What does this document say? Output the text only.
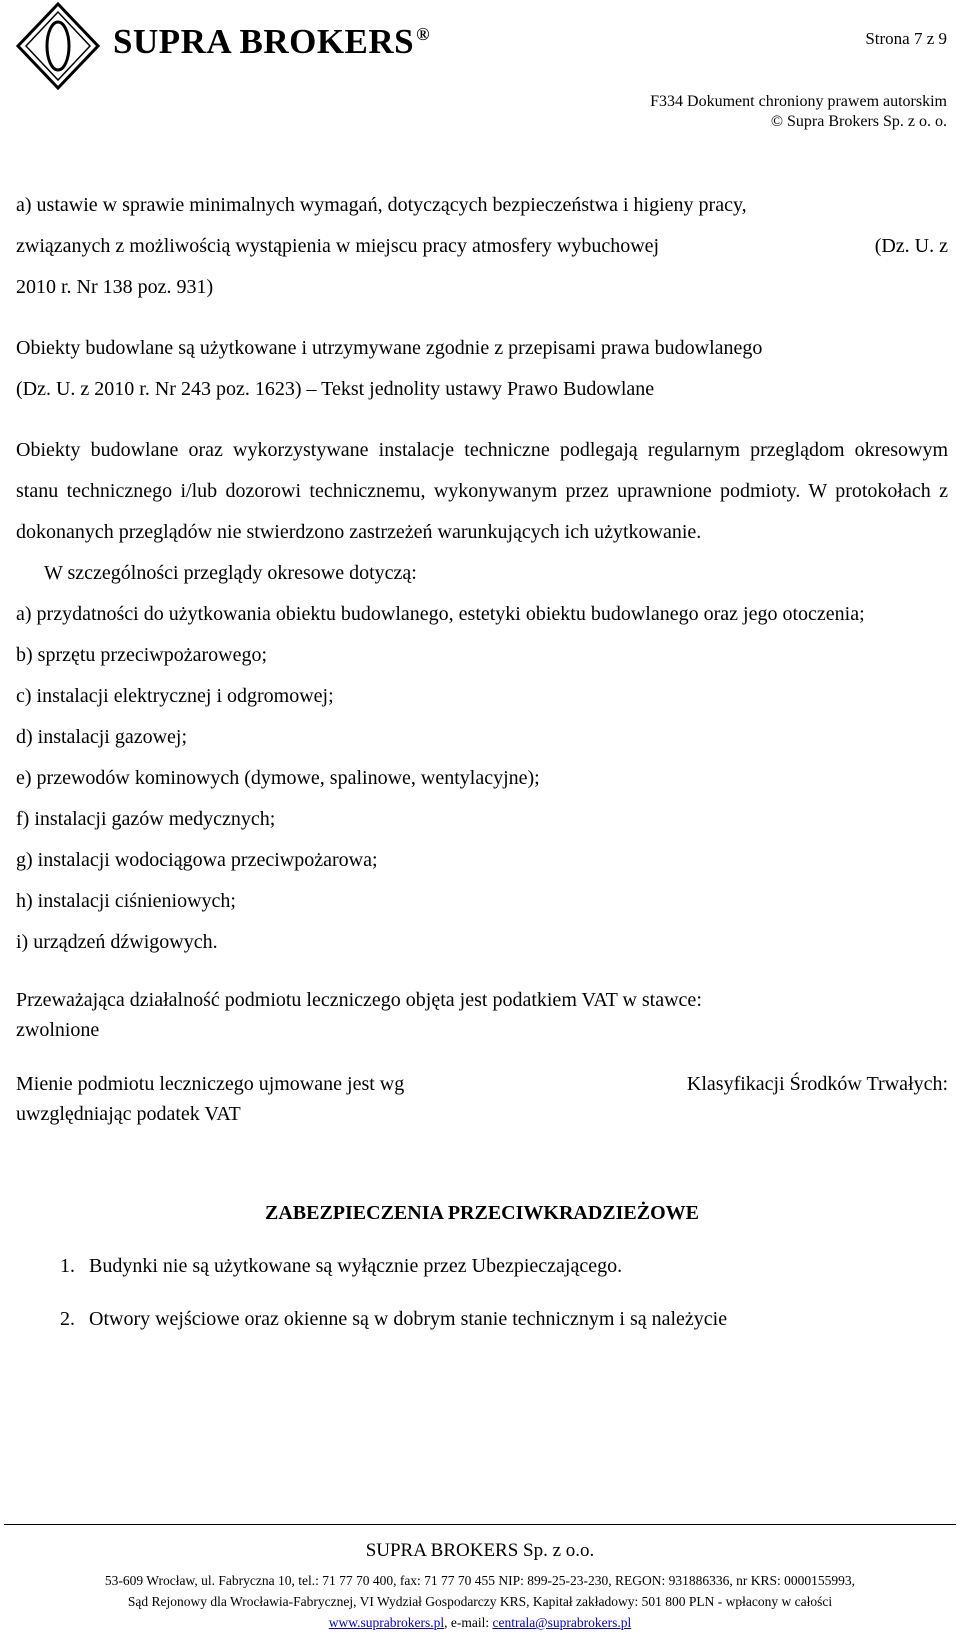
SUPRA BROKERS ®	Strona 7 z 9
F334 Dokument chroniony prawem autorskim
© Supra Brokers Sp. z o. o.

a) ustawie w sprawie minimalnych wymagań, dotyczących bezpieczeństwa i higieny pracy,

związanych z możliwością wystąpienia w miejscu pracy atmosfery wybuchowej	(Dz. U. z

2010 r. Nr 138 poz. 931)

Obiekty budowlane są użytkowane i utrzymywane zgodnie z przepisami prawa budowlanego

(Dz. U. z 2010 r. Nr 243 poz. 1623) – Tekst jednolity ustawy Prawo Budowlane

Obiekty budowlane oraz wykorzystywane instalacje techniczne podlegają regularnym przeglądom okresowym stanu technicznego i/lub dozorowi technicznemu, wykonywanym przez uprawnione podmioty. W protokołach z dokonanych przeglądów nie stwierdzono zastrzeżeń warunkujących ich użytkowanie.

W szczególności przeglądy okresowe dotyczą:

a) przydatności do użytkowania obiektu budowlanego, estetyki obiektu budowlanego oraz jego otoczenia;

b) sprzętu przeciwpożarowego;

c) instalacji elektrycznej i odgromowej;

d) instalacji gazowej;

e) przewodów kominowych (dymowe, spalinowe, wentylacyjne);

f) instalacji gazów medycznych;

g) instalacji wodociągowa przeciwpożarowa;

h) instalacji ciśnieniowych;

i) urządzeń dźwigowych.

Przeważająca działalność podmiotu leczniczego objęta jest podatkiem VAT w stawce:

zwolnione

Mienie podmiotu leczniczego ujmowane jest wg	Klasyfikacji Środków Trwałych:

uwzględniając podatek VAT

ZABEZPIECZENIA PRZECIWKRADZIEŻOWE

1. Budynki nie są użytkowane są wyłącznie przez Ubezpieczającego.

2. Otwory wejściowe oraz okienne są w dobrym stanie technicznym i są należycie

SUPRA BROKERS Sp. z o.o.
53-609 Wrocław, ul. Fabryczna 10, tel.: 71 77 70 400, fax: 71 77 70 455 NIP: 899-25-23-230, REGON: 931886336, nr KRS: 0000155993,
Sąd Rejonowy dla Wrocławia-Fabrycznej, VI Wydział Gospodarczy KRS, Kapitał zakładowy: 501 800 PLN - wpłacony w całości
www.suprabrokers.pl, e-mail: centrala@suprabrokers.pl
